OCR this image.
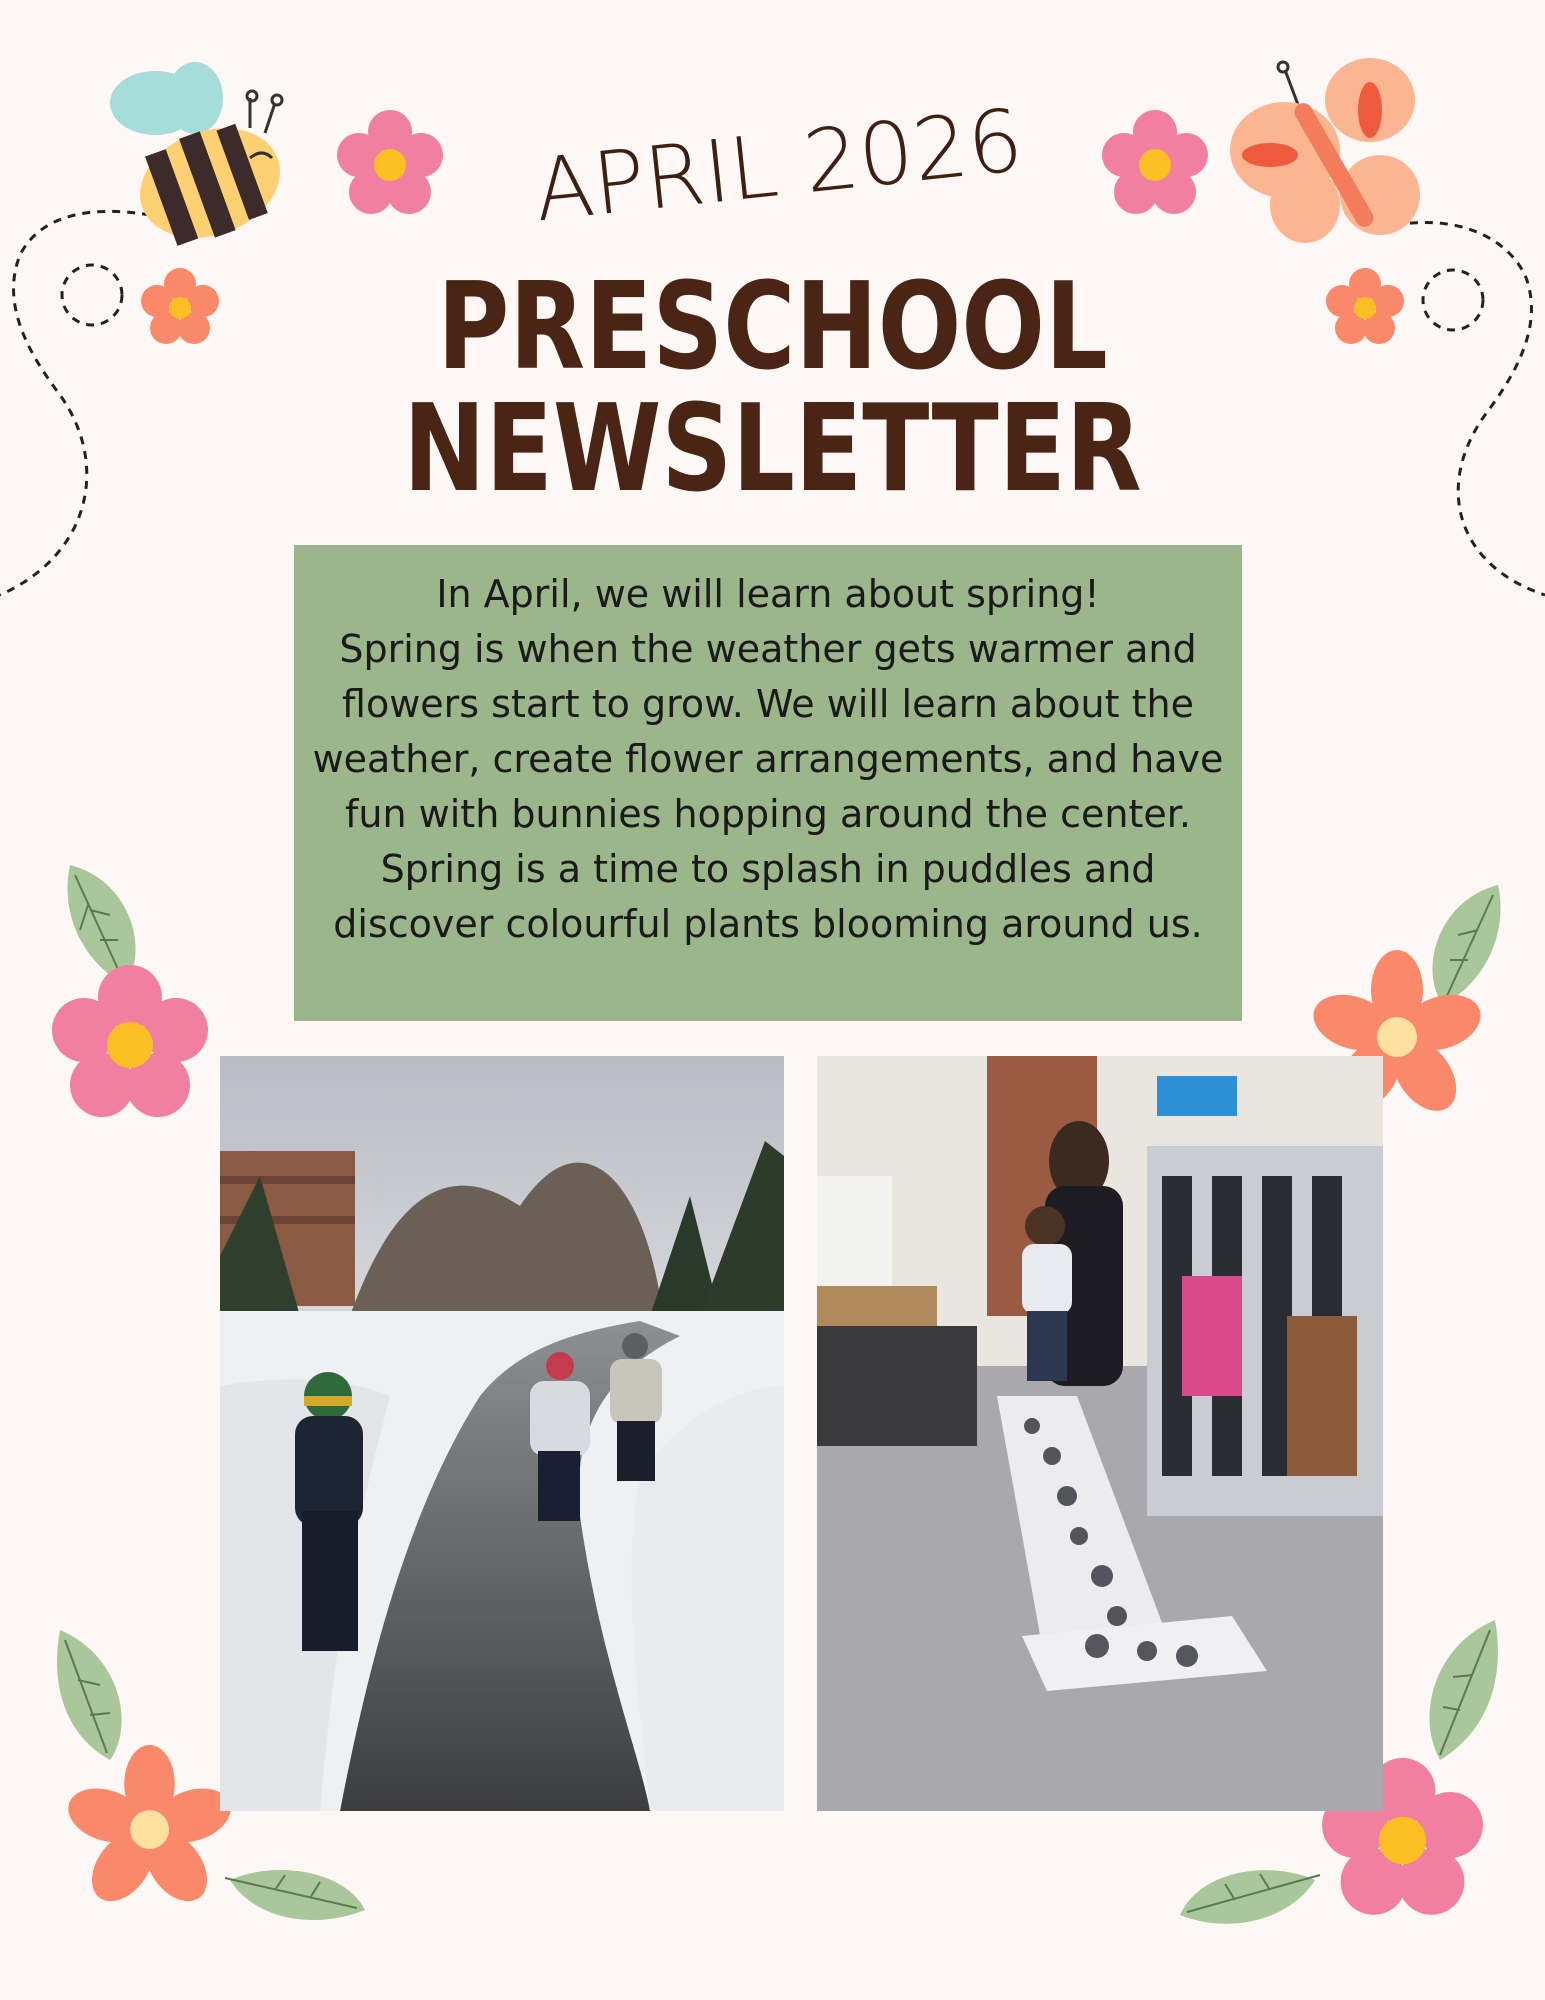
APRIL 2026
PRESCHOOL
NEWSLETTER

In April, we will learn about spring!
Spring is when the weather gets warmer and flowers start to grow. We will learn about the weather, create flower arrangements, and have fun with bunnies hopping around the center. Spring is a time to splash in puddles and discover colourful plants blooming around us.
